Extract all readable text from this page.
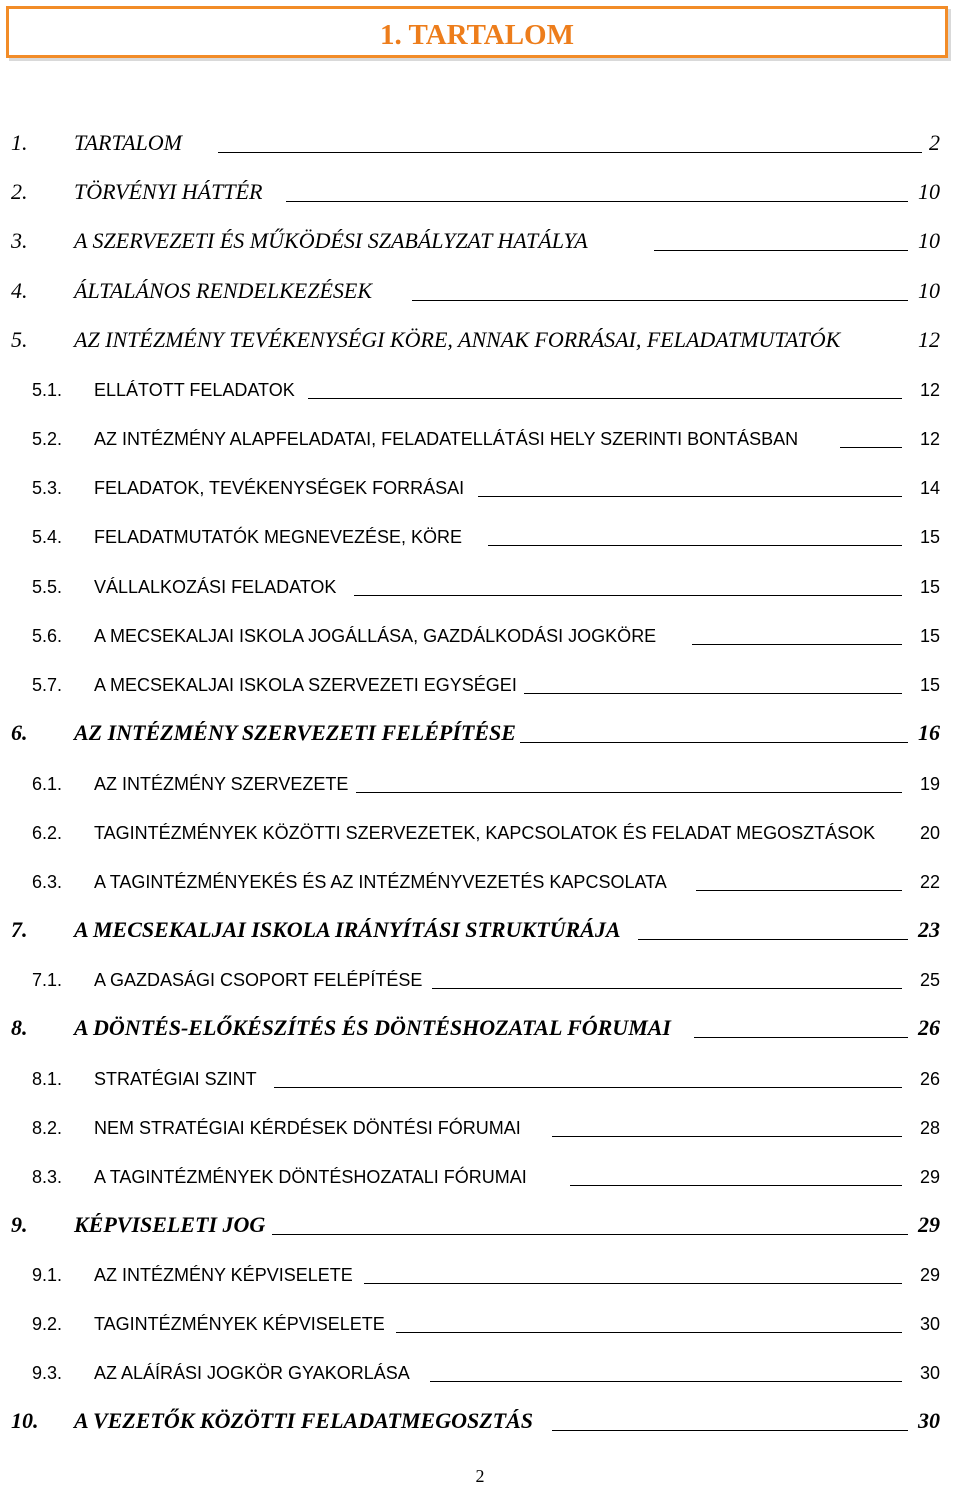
1. TARTALOM
1. TARTALOM	2
2. TÖRVÉNYI HÁTTÉR	10
3. A SZERVEZETI ÉS MŰKÖDÉSI SZABÁLYZAT HATÁLYA	10
4. ÁLTALÁNOS RENDELKEZÉSEK	10
5. AZ INTÉZMÉNY TEVÉKENYSÉGI KÖRE, ANNAK FORRÁSAI, FELADATMUTATÓK	12
5.1. ELLÁTOTT FELADATOK	12
5.2. AZ INTÉZMÉNY ALAPFELADATAI, FELADATELLÁTÁSI HELY SZERINTI BONTÁSBAN	12
5.3. FELADATOK, TEVÉKENYSÉGEK FORRÁSAI	14
5.4. FELADATMUTATÓK MEGNEVEZÉSE, KÖRE	15
5.5. VÁLLALKOZÁSI FELADATOK	15
5.6. A MECSEKALJAI ISKOLA JOGÁLLÁSA, GAZDÁLKODÁSI JOGKÖRE	15
5.7. A MECSEKALJAI ISKOLA SZERVEZETI EGYSÉGEI	15
6. AZ INTÉZMÉNY SZERVEZETI FELÉPÍTÉSE	16
6.1. AZ INTÉZMÉNY SZERVEZETE	19
6.2. TAGINTÉZMÉNYEK KÖZÖTTI SZERVEZETEK, KAPCSOLATOK ÉS FELADAT MEGOSZTÁSOK 20
6.3. A TAGINTÉZMÉNYEKÉS ÉS AZ INTÉZMÉNYVEZETÉS KAPCSOLATA	22
7. A MECSEKALJAI ISKOLA IRÁNYÍTÁSI STRUKTÚRÁJA	23
7.1. A GAZDASÁGI CSOPORT FELÉPÍTÉSE	25
8. A DÖNTÉS-ELŐKÉSZÍTÉS ÉS DÖNTÉSHOZATAL FÓRUMAI	26
8.1. STRATÉGIAI SZINT	26
8.2. NEM STRATÉGIAI KÉRDÉSEK DÖNTÉSI FÓRUMAI	28
8.3. A TAGINTÉZMÉNYEK DÖNTÉSHOZATALI FÓRUMAI	29
9. KÉPVISELETI JOG	29
9.1. AZ INTÉZMÉNY KÉPVISELETE	29
9.2. TAGINTÉZMÉNYEK KÉPVISELETE	30
9.3. AZ ALÁÍRÁSI JOGKÖR GYAKORLÁSA	30
10. A VEZETŐK KÖZÖTTI FELADATMEGOSZTÁS	30
2
